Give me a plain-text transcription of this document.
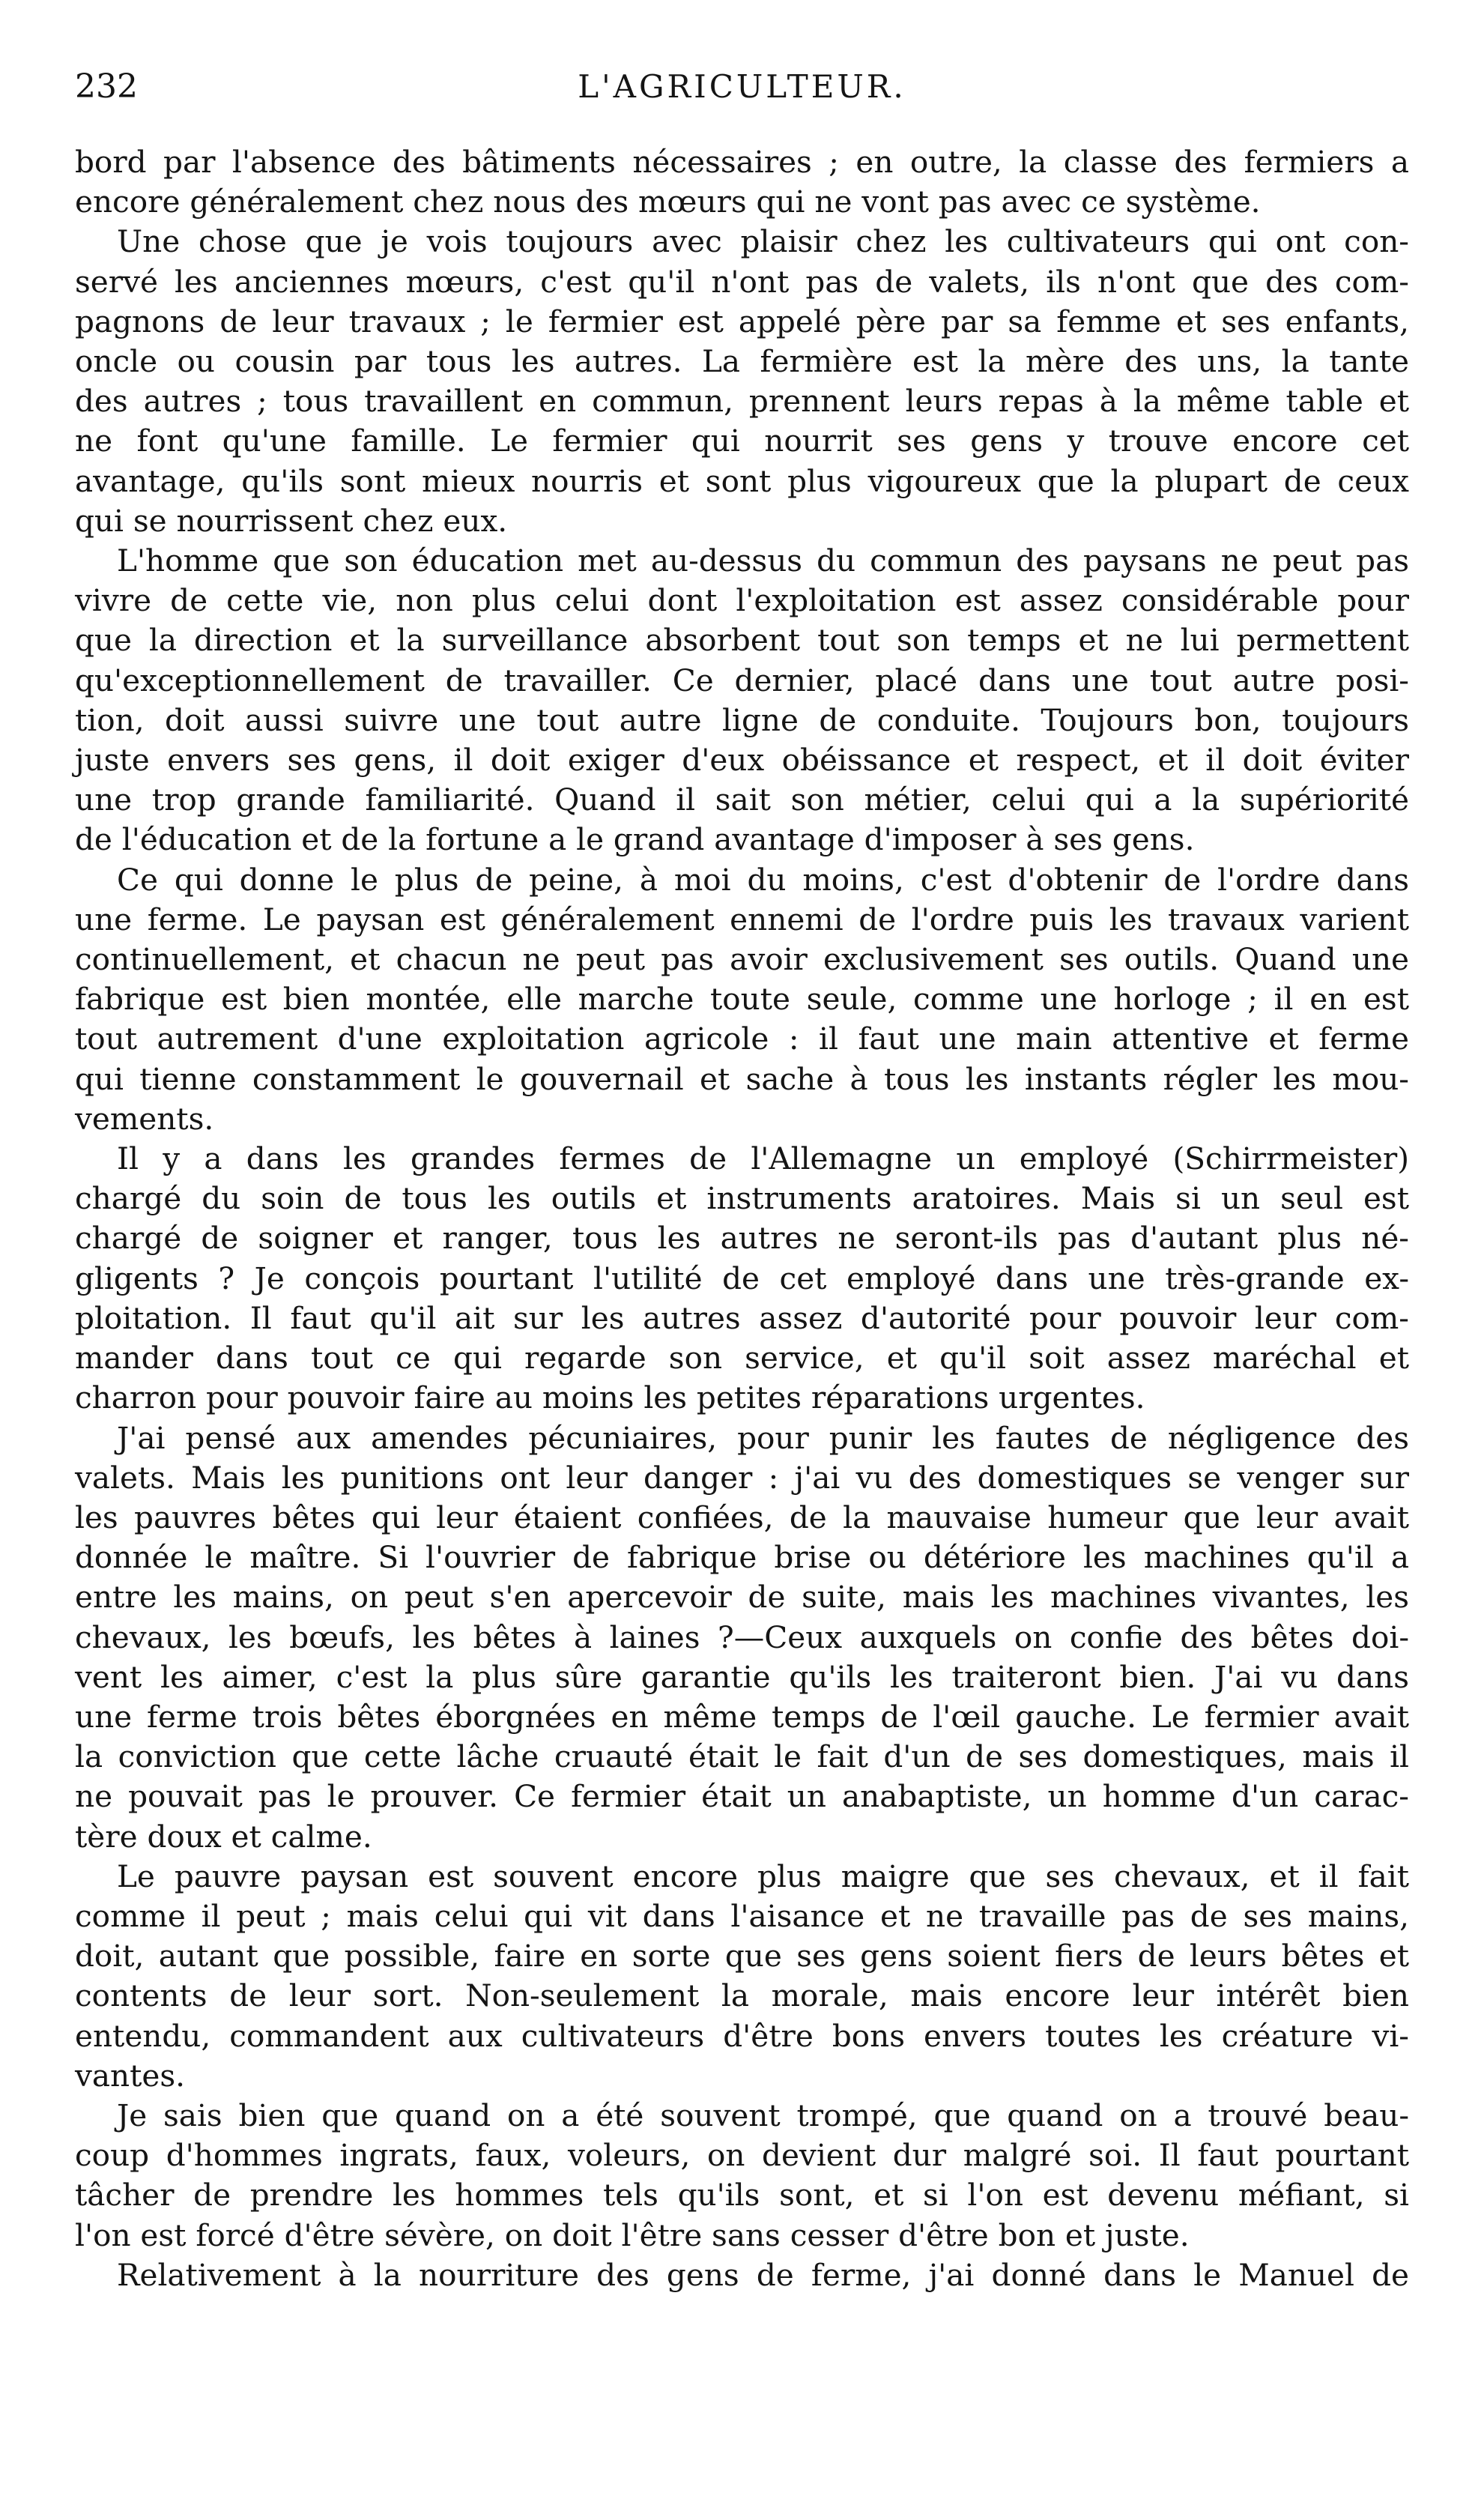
232	L'AGRICULTEUR.
bord par l'absence des bâtiments nécessaires ; en outre, la classe des fermiers a
encore généralement chez nous des mœurs qui ne vont pas avec ce système.
Une chose que je vois toujours avec plaisir chez les cultivateurs qui ont con-
servé les anciennes mœurs, c'est qu'il n'ont pas de valets, ils n'ont que des com-
pagnons de leur travaux ; le fermier est appelé père par sa femme et ses enfants,
oncle ou cousin par tous les autres. La fermière est la mère des uns, la tante
des autres ; tous travaillent en commun, prennent leurs repas à la même table et
ne font qu'une famille. Le fermier qui nourrit ses gens y trouve encore cet
avantage, qu'ils sont mieux nourris et sont plus vigoureux que la plupart de ceux
qui se nourrissent chez eux.
L'homme que son éducation met au-dessus du commun des paysans ne peut pas
vivre de cette vie, non plus celui dont l'exploitation est assez considérable pour
que la direction et la surveillance absorbent tout son temps et ne lui permettent
qu'exceptionnellement de travailler. Ce dernier, placé dans une tout autre posi-
tion, doit aussi suivre une tout autre ligne de conduite. Toujours bon, toujours
juste envers ses gens, il doit exiger d'eux obéissance et respect, et il doit éviter
une trop grande familiarité. Quand il sait son métier, celui qui a la supériorité
de l'éducation et de la fortune a le grand avantage d'imposer à ses gens.
Ce qui donne le plus de peine, à moi du moins, c'est d'obtenir de l'ordre dans
une ferme. Le paysan est généralement ennemi de l'ordre puis les travaux varient
continuellement, et chacun ne peut pas avoir exclusivement ses outils. Quand une
fabrique est bien montée, elle marche toute seule, comme une horloge ; il en est
tout autrement d'une exploitation agricole : il faut une main attentive et ferme
qui tienne constamment le gouvernail et sache à tous les instants régler les mou-
vements.
Il y a dans les grandes fermes de l'Allemagne un employé (Schirrmeister)
chargé du soin de tous les outils et instruments aratoires. Mais si un seul est
chargé de soigner et ranger, tous les autres ne seront-ils pas d'autant plus né-
gligents ? Je conçois pourtant l'utilité de cet employé dans une très-grande ex-
ploitation. Il faut qu'il ait sur les autres assez d'autorité pour pouvoir leur com-
mander dans tout ce qui regarde son service, et qu'il soit assez maréchal et
charron pour pouvoir faire au moins les petites réparations urgentes.
J'ai pensé aux amendes pécuniaires, pour punir les fautes de négligence des
valets. Mais les punitions ont leur danger : j'ai vu des domestiques se venger sur
les pauvres bêtes qui leur étaient confiées, de la mauvaise humeur que leur avait
donnée le maître. Si l'ouvrier de fabrique brise ou détériore les machines qu'il a
entre les mains, on peut s'en apercevoir de suite, mais les machines vivantes, les
chevaux, les bœufs, les bêtes à laines ?—Ceux auxquels on confie des bêtes doi-
vent les aimer, c'est la plus sûre garantie qu'ils les traiteront bien. J'ai vu dans
une ferme trois bêtes éborgnées en même temps de l'œil gauche. Le fermier avait
la conviction que cette lâche cruauté était le fait d'un de ses domestiques, mais il
ne pouvait pas le prouver. Ce fermier était un anabaptiste, un homme d'un carac-
tère doux et calme.
Le pauvre paysan est souvent encore plus maigre que ses chevaux, et il fait
comme il peut ; mais celui qui vit dans l'aisance et ne travaille pas de ses mains,
doit, autant que possible, faire en sorte que ses gens soient fiers de leurs bêtes et
contents de leur sort. Non-seulement la morale, mais encore leur intérêt bien
entendu, commandent aux cultivateurs d'être bons envers toutes les créature vi-
vantes.
Je sais bien que quand on a été souvent trompé, que quand on a trouvé beau-
coup d'hommes ingrats, faux, voleurs, on devient dur malgré soi. Il faut pourtant
tâcher de prendre les hommes tels qu'ils sont, et si l'on est devenu méfiant, si
l'on est forcé d'être sévère, on doit l'être sans cesser d'être bon et juste.
Relativement à la nourriture des gens de ferme, j'ai donné dans le Manuel de
